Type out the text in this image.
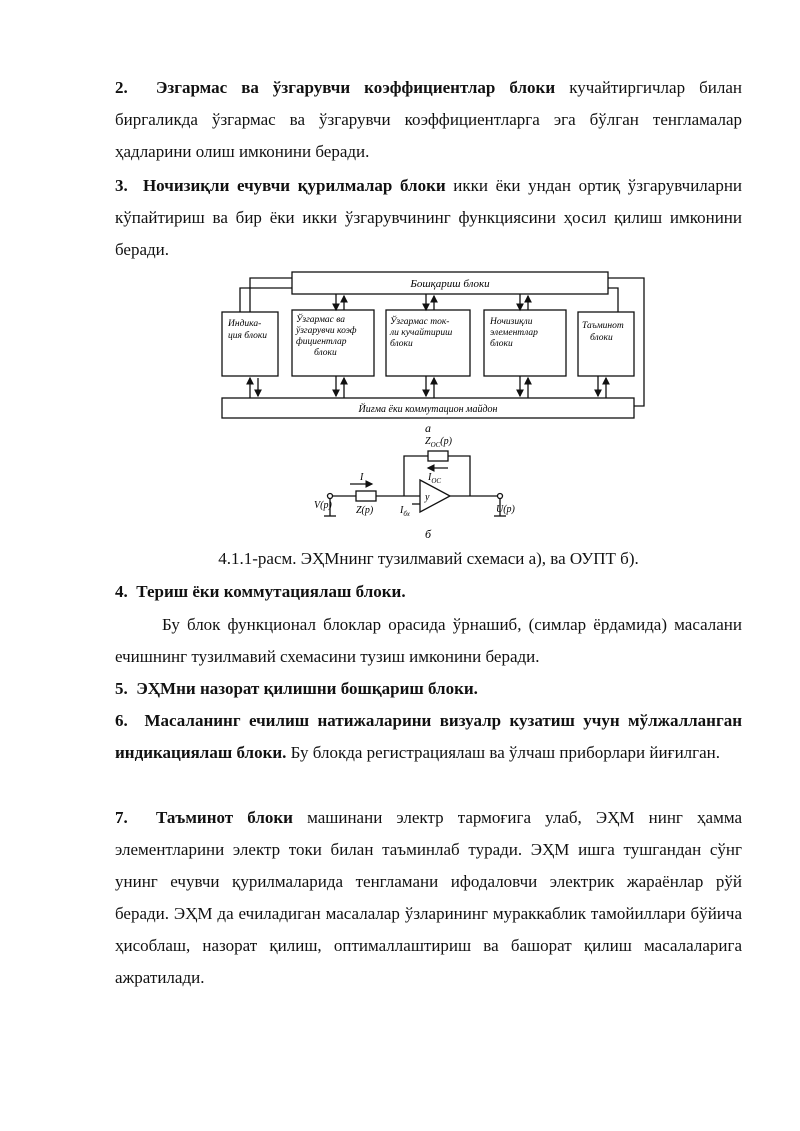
2. Эзгармас ва ўзгарувчи коэффициентлар блоки кучайтиргичлар билан биргаликда ўзгармас ва ўзгарувчи коэффициентларга эга бўлган тенгламалар ҳадларини олиш имконини беради.
3. Ночизиқли ечувчи қурилмалар блоки икки ёки ундан ортиқ ўзгарувчиларни кўпайтириш ва бир ёки икки ўзгарувчининг функциясини ҳосил қилиш имконини беради.
Бошқариш блоки
Йиғма ёки коммутацион майдон
Индика-
ция блоки
Ўзгармас ва
ўзгарувчи коэф
фициентлар
блоки
Ўзгармас ток-
ли кучайтириш
блоки
Ночизиқли
элементлар
блоки
Таъминот
блоки
а
$Z_{OC}(p)$
$I_{OC}$
I
Z(p)
V(p)	U(p)
y
$I_{бх}$
б
4.1.1-расм. ЭҲМнинг тузилмавий схемаси а), ва ОУПТ б).
4. Териш ёки коммутациялаш блоки.
Бу блок функционал блоклар орасида ўрнашиб, (симлар ёрдамида) масалани ечишнинг тузилмавий схемасини тузиш имконини беради.
5. ЭҲМни назорат қилишни бошқариш блоки.
6. Масаланинг ечилиш натижаларини визуалр кузатиш учун мўлжалланган индикациялаш блоки. Бу блокда регистрациялаш ва ўлчаш приборлари йиғилган.
7. Таъминот блоки машинани электр тармоғига улаб, ЭҲМ нинг ҳамма элементларини электр токи билан таъминлаб туради. ЭҲМ ишга тушгандан сўнг унинг ечувчи қурилмаларида тенгламани ифодаловчи электрик жараёнлар рўй беради. ЭҲМ да ечиладиган масалалар ўзларининг мураккаблик тамойиллари бўйича ҳисоблаш, назорат қилиш, оптималлаштириш ва башорат қилиш масалаларига ажратилади.
